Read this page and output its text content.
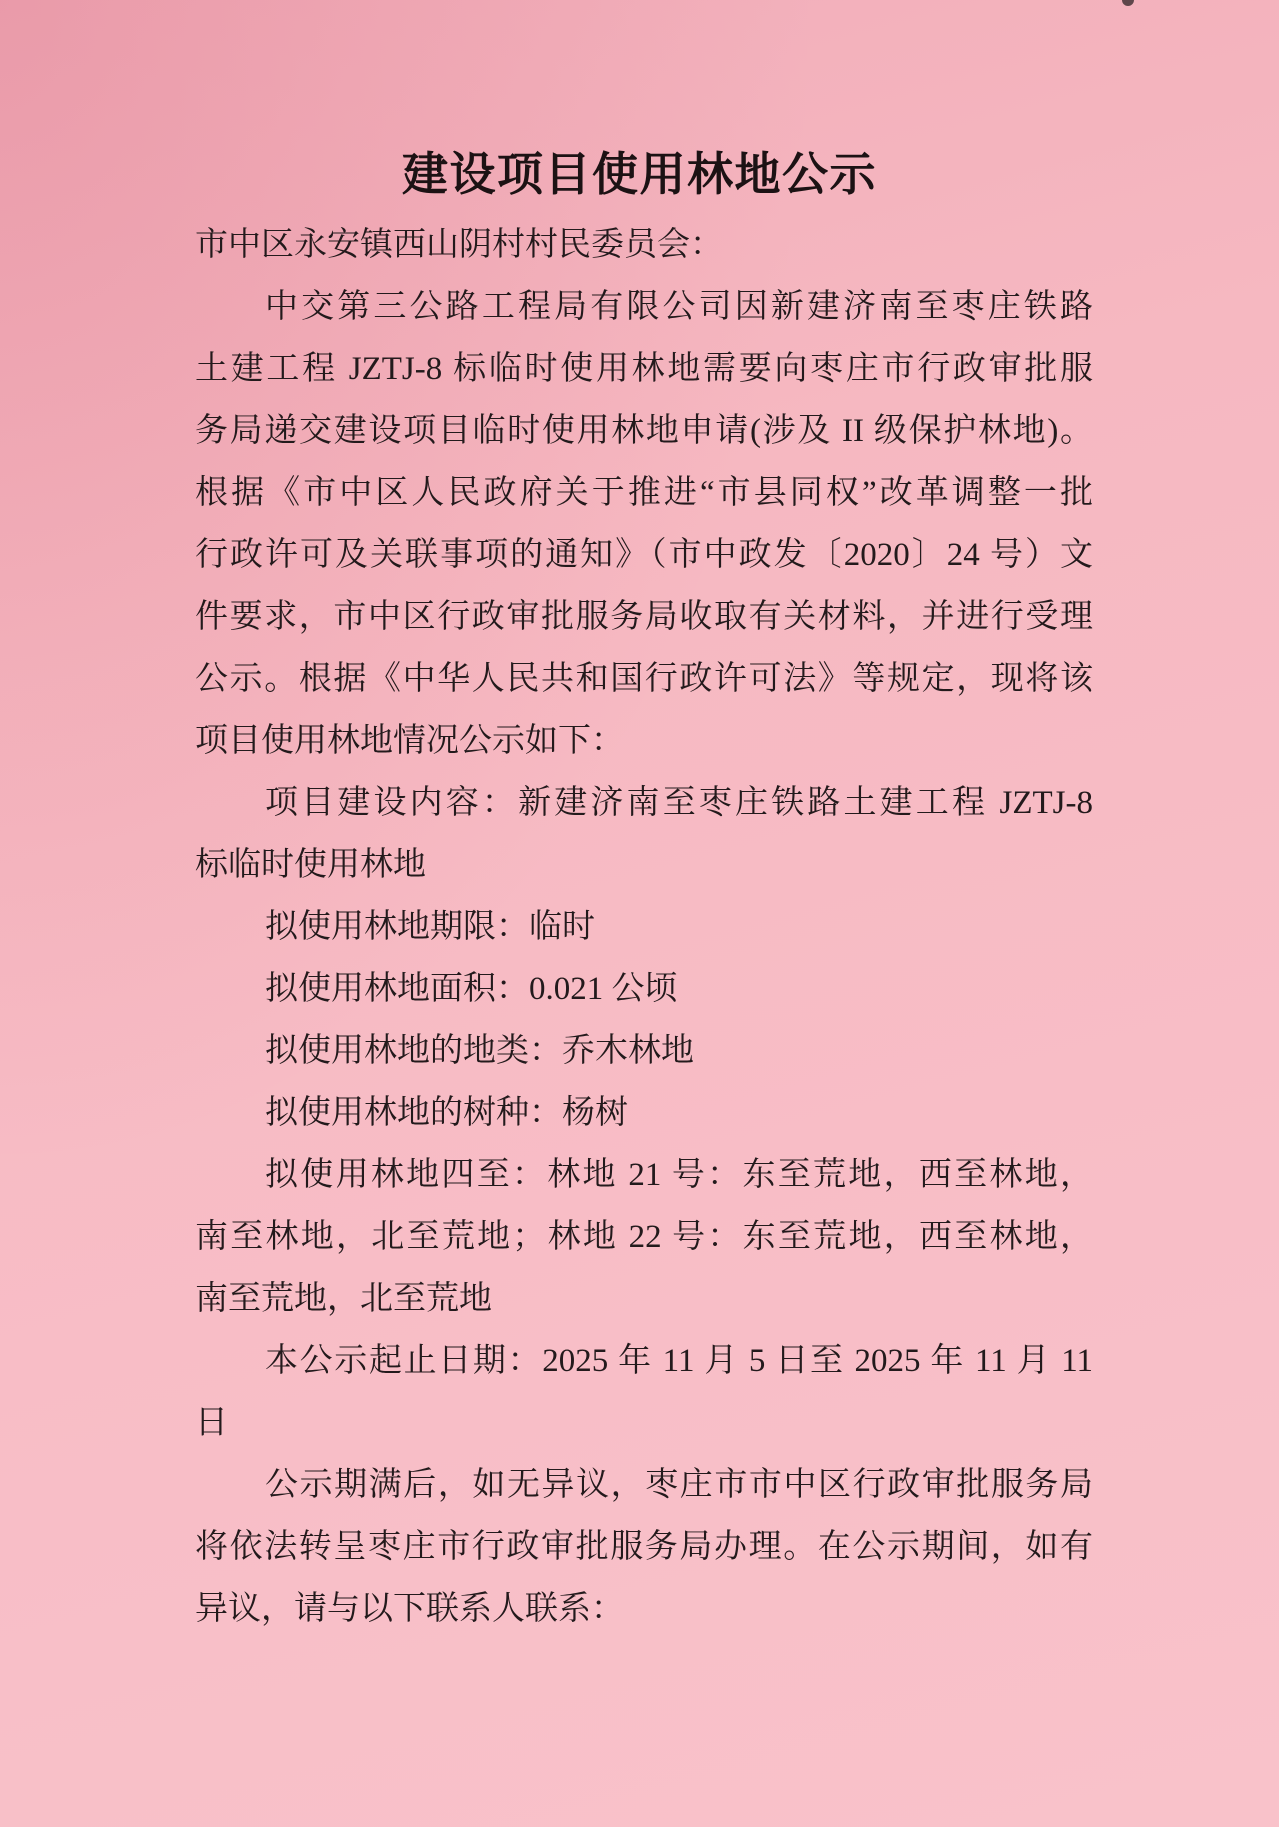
建设项目使用林地公示
市中区永安镇西山阴村村民委员会：
中交第三公路工程局有限公司因新建济南至枣庄铁路
土建工程 JZTJ-8 标临时使用林地需要向枣庄市行政审批服
务局递交建设项目临时使用林地申请(涉及 II 级保护林地)。
根据《市中区人民政府关于推进“市县同权”改革调整一批
行政许可及关联事项的通知》（市中政发〔2020〕24 号）文
件要求，市中区行政审批服务局收取有关材料，并进行受理
公示。根据《中华人民共和国行政许可法》等规定，现将该
项目使用林地情况公示如下：
项目建设内容：新建济南至枣庄铁路土建工程 JZTJ-8
标临时使用林地
拟使用林地期限：临时
拟使用林地面积：0.021 公顷
拟使用林地的地类：乔木林地
拟使用林地的树种：杨树
拟使用林地四至：林地 21 号：东至荒地，西至林地，
南至林地，北至荒地；林地 22 号：东至荒地，西至林地，
南至荒地，北至荒地
本公示起止日期：2025 年 11 月 5 日至 2025 年 11 月 11
日
公示期满后，如无异议，枣庄市市中区行政审批服务局
将依法转呈枣庄市行政审批服务局办理。在公示期间，如有
异议，请与以下联系人联系：
